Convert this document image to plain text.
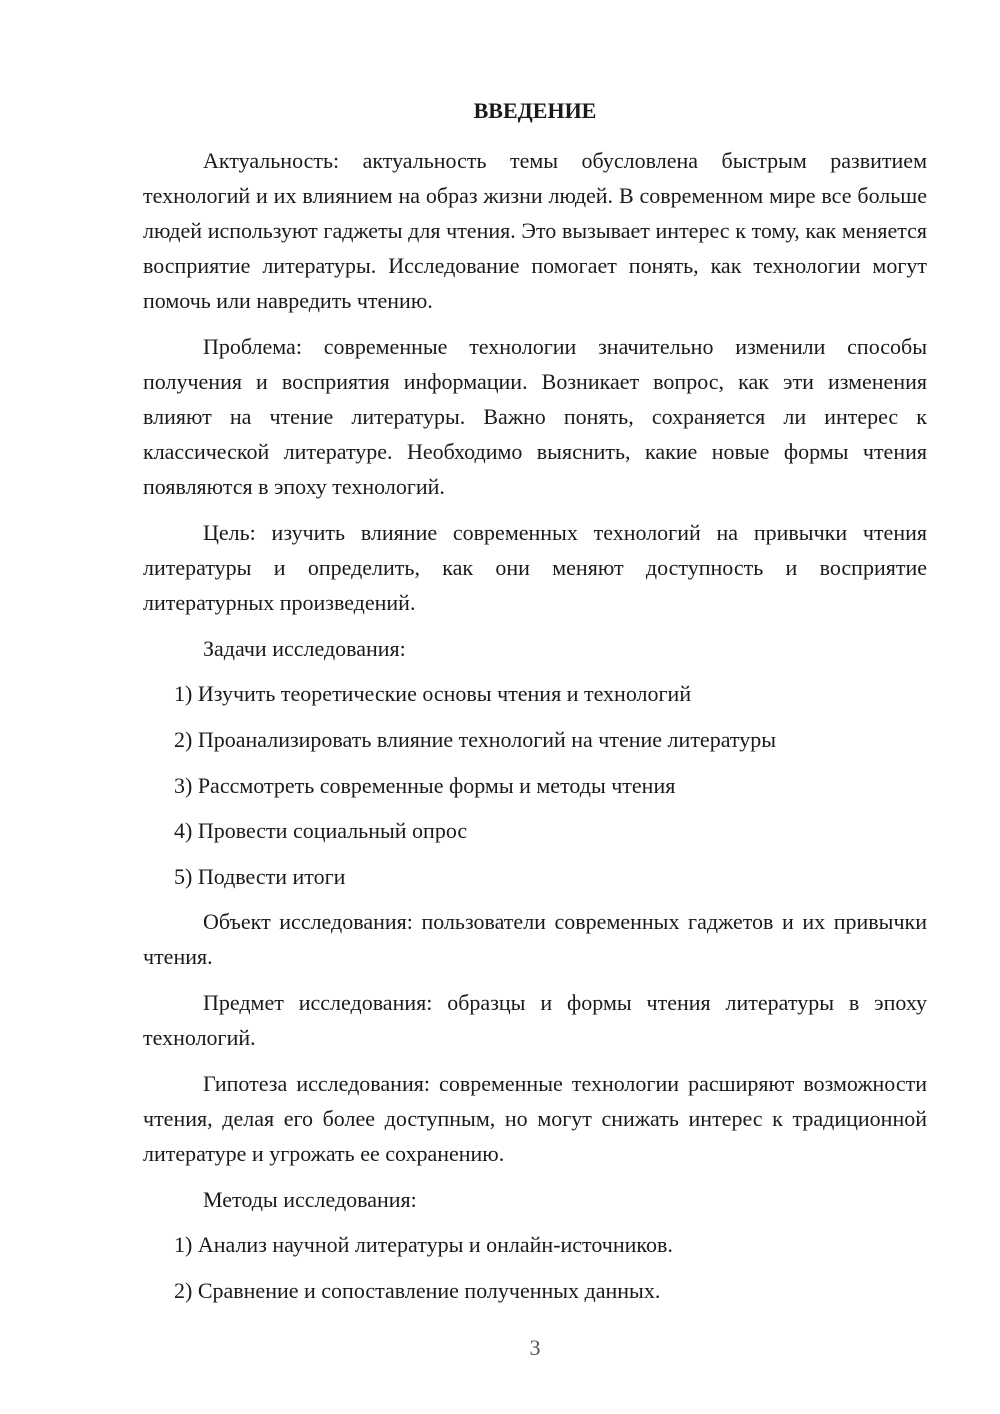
ВВЕДЕНИЕ

Актуальность: актуальность темы обусловлена быстрым развитием технологий и их влиянием на образ жизни людей. В современном мире все больше людей используют гаджеты для чтения. Это вызывает интерес к тому, как меняется восприятие литературы. Исследование помогает понять, как технологии могут помочь или навредить чтению.

Проблема: современные технологии значительно изменили способы получения и восприятия информации. Возникает вопрос, как эти изменения влияют на чтение литературы. Важно понять, сохраняется ли интерес к классической литературе. Необходимо выяснить, какие новые формы чтения появляются в эпоху технологий.

Цель: изучить влияние современных технологий на привычки чтения литературы и определить, как они меняют доступность и восприятие литературных произведений.

Задачи исследования:

1) Изучить теоретические основы чтения и технологий

2) Проанализировать влияние технологий на чтение литературы

3) Рассмотреть современные формы и методы чтения

4) Провести социальный опрос

5) Подвести итоги

Объект исследования: пользователи современных гаджетов и их привычки чтения.

Предмет исследования: образцы и формы чтения литературы в эпоху технологий.

Гипотеза исследования: современные технологии расширяют возможности чтения, делая его более доступным, но могут снижать интерес к традиционной литературе и угрожать ее сохранению.

Методы исследования:

1) Анализ научной литературы и онлайн-источников.

2) Сравнение и сопоставление полученных данных.

3
